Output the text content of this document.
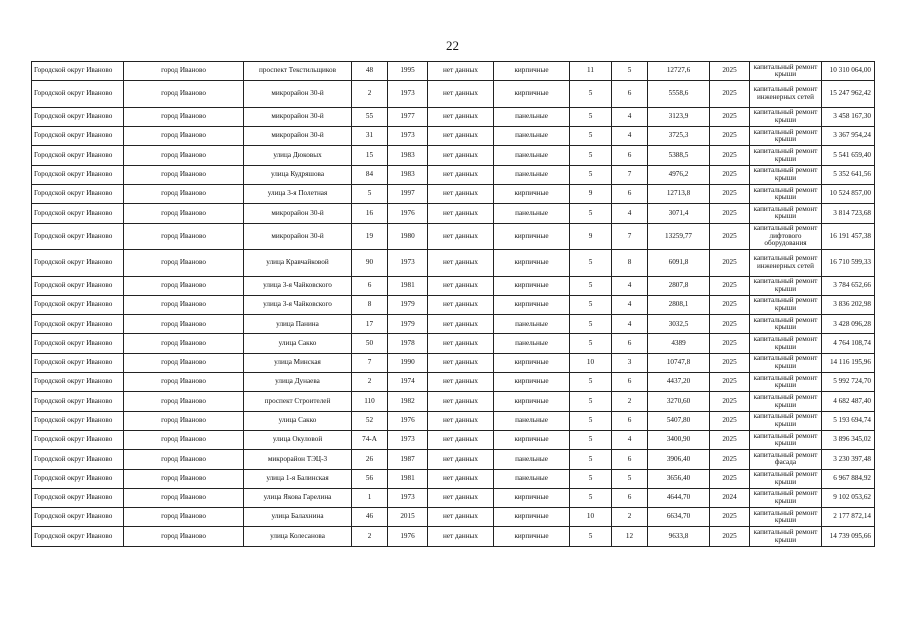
22
Городской округ Иваново	город Иваново	проспект Текстильщиков	48	1995	нет данных	кирпичные	11	5	12727,6	2025	капитальный ремонт крыши	10 310 064,00
Городской округ Иваново	город Иваново	микрорайон 30-й	2	1973	нет данных	кирпичные	5	6	5558,6	2025	капитальный ремонт инженерных сетей	15 247 962,42
Городской округ Иваново	город Иваново	микрорайон 30-й	55	1977	нет данных	панельные	5	4	3123,9	2025	капитальный ремонт крыши	3 458 167,30
Городской округ Иваново	город Иваново	микрорайон 30-й	31	1973	нет данных	панельные	5	4	3725,3	2025	капитальный ремонт крыши	3 367 954,24
Городской округ Иваново	город Иваново	улица Дюковых	15	1983	нет данных	панельные	5	6	5388,5	2025	капитальный ремонт крыши	5 541 659,40
Городской округ Иваново	город Иваново	улица Кудряшова	84	1983	нет данных	панельные	5	7	4976,2	2025	капитальный ремонт крыши	5 352 641,56
Городской округ Иваново	город Иваново	улица 3-я Полетная	5	1997	нет данных	кирпичные	9	6	12713,8	2025	капитальный ремонт крыши	10 524 857,00
Городской округ Иваново	город Иваново	микрорайон 30-й	16	1976	нет данных	панельные	5	4	3071,4	2025	капитальный ремонт крыши	3 814 723,68
Городской округ Иваново	город Иваново	микрорайон 30-й	19	1980	нет данных	кирпичные	9	7	13259,77	2025	капитальный ремонт лифтового оборудования	16 191 457,38
Городской округ Иваново	город Иваново	улица Кравчайковой	90	1973	нет данных	кирпичные	5	8	6091,8	2025	капитальный ремонт инженерных сетей	16 710 599,33
Городской округ Иваново	город Иваново	улица 3-я Чайковского	6	1981	нет данных	кирпичные	5	4	2807,8	2025	капитальный ремонт крыши	3 784 652,66
Городской округ Иваново	город Иваново	улица 3-я Чайковского	8	1979	нет данных	кирпичные	5	4	2808,1	2025	капитальный ремонт крыши	3 836 202,98
Городской округ Иваново	город Иваново	улица Панина	17	1979	нет данных	панельные	5	4	3032,5	2025	капитальный ремонт крыши	3 428 096,28
Городской округ Иваново	город Иваново	улица Сакко	50	1978	нет данных	панельные	5	6	4389	2025	капитальный ремонт крыши	4 764 108,74
Городской округ Иваново	город Иваново	улица Минская	7	1990	нет данных	кирпичные	10	3	10747,8	2025	капитальный ремонт крыши	14 116 195,96
Городской округ Иваново	город Иваново	улица Дунаева	2	1974	нет данных	кирпичные	5	6	4437,20	2025	капитальный ремонт крыши	5 992 724,70
Городской округ Иваново	город Иваново	проспект Строителей	110	1982	нет данных	кирпичные	5	2	3270,60	2025	капитальный ремонт крыши	4 682 487,40
Городской округ Иваново	город Иваново	улица Сакко	52	1976	нет данных	панельные	5	6	5407,80	2025	капитальный ремонт крыши	5 193 694,74
Городской округ Иваново	город Иваново	улица Окуловой	74-А	1973	нет данных	кирпичные	5	4	3400,90	2025	капитальный ремонт крыши	3 896 345,02
Городской округ Иваново	город Иваново	микрорайон ТЭЦ-3	26	1987	нет данных	панельные	5	6	3906,40	2025	капитальный ремонт фасада	3 230 397,48
Городской округ Иваново	город Иваново	улица 1-я Балинская	56	1981	нет данных	панельные	5	5	3656,40	2025	капитальный ремонт крыши	6 967 884,92
Городской округ Иваново	город Иваново	улица Якова Гарелина	1	1973	нет данных	кирпичные	5	6	4644,70	2024	капитальный ремонт крыши	9 102 053,62
Городской округ Иваново	город Иваново	улица Балахнина	46	2015	нет данных	кирпичные	10	2	6634,70	2025	капитальный ремонт крыши	2 177 872,14
Городской округ Иваново	город Иваново	улица Колесанова	2	1976	нет данных	кирпичные	5	12	9633,8	2025	капитальный ремонт крыши	14 739 095,66
